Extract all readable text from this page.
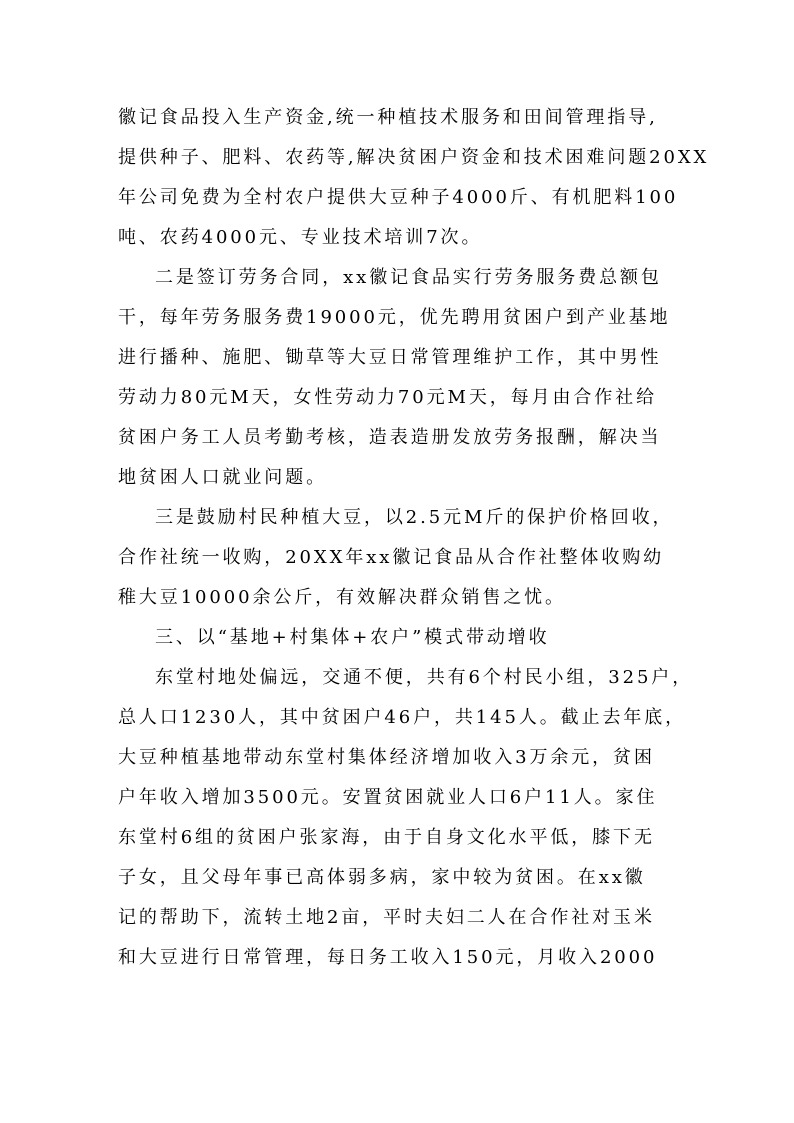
徽记食品投入生产资金,统一种植技术服务和田间管理指导,
提供种子、肥料、农药等,解决贫困户资金和技术困难问题20XX
年公司免费为全村农户提供大豆种子4000斤、有机肥料100
吨、农药4000元、专业技术培训7次。
二是签订劳务合同，xx徽记食品实行劳务服务费总额包
干，每年劳务服务费19000元，优先聘用贫困户到产业基地
进行播种、施肥、锄草等大豆日常管理维护工作，其中男性
劳动力80元M天，女性劳动力70元M天，每月由合作社给
贫困户务工人员考勤考核，造表造册发放劳务报酬，解决当
地贫困人口就业问题。
三是鼓励村民种植大豆，以2.5元M斤的保护价格回收，
合作社统一收购，20XX年xx徽记食品从合作社整体收购幼
稚大豆10000余公斤，有效解决群众销售之忧。
三、以“基地+村集体+农户”模式带动增收
东堂村地处偏远，交通不便，共有6个村民小组，325户，
总人口1230人，其中贫困户46户，共145人。截止去年底，
大豆种植基地带动东堂村集体经济增加收入3万余元，贫困
户年收入增加3500元。安置贫困就业人口6户11人。家住
东堂村6组的贫困户张家海，由于自身文化水平低，膝下无
子女，且父母年事已高体弱多病，家中较为贫困。在xx徽
记的帮助下，流转土地2亩，平时夫妇二人在合作社对玉米
和大豆进行日常管理，每日务工收入150元，月收入2000
